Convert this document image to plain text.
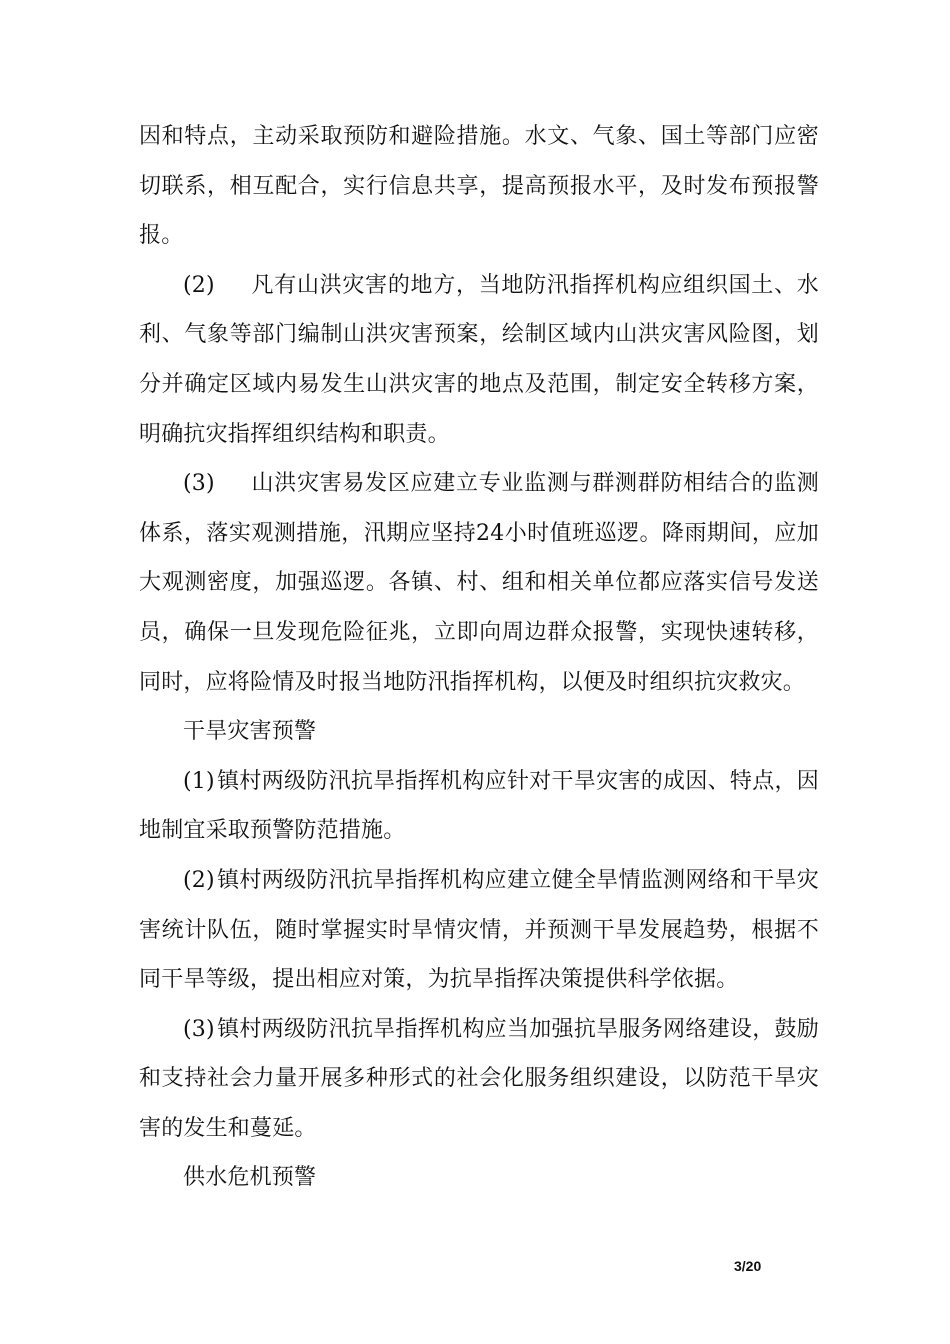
因和特点，主动采取预防和避险措施。水文、气象、国土等部门应密切联系，相互配合，实行信息共享，提高预报水平，及时发布预报警报。

(2) 凡有山洪灾害的地方，当地防汛指挥机构应组织国土、水利、气象等部门编制山洪灾害预案，绘制区域内山洪灾害风险图，划分并确定区域内易发生山洪灾害的地点及范围，制定安全转移方案，明确抗灾指挥组织结构和职责。

(3) 山洪灾害易发区应建立专业监测与群测群防相结合的监测体系，落实观测措施，汛期应坚持24小时值班巡逻。降雨期间，应加大观测密度，加强巡逻。各镇、村、组和相关单位都应落实信号发送员，确保一旦发现危险征兆，立即向周边群众报警，实现快速转移，同时，应将险情及时报当地防汛指挥机构，以便及时组织抗灾救灾。

干旱灾害预警

(1) 镇村两级防汛抗旱指挥机构应针对干旱灾害的成因、特点，因地制宜采取预警防范措施。

(2) 镇村两级防汛抗旱指挥机构应建立健全旱情监测网络和干旱灾害统计队伍，随时掌握实时旱情灾情，并预测干旱发展趋势，根据不同干旱等级，提出相应对策，为抗旱指挥决策提供科学依据。

(3) 镇村两级防汛抗旱指挥机构应当加强抗旱服务网络建设，鼓励和支持社会力量开展多种形式的社会化服务组织建设，以防范干旱灾害的发生和蔓延。

供水危机预警

3/20
